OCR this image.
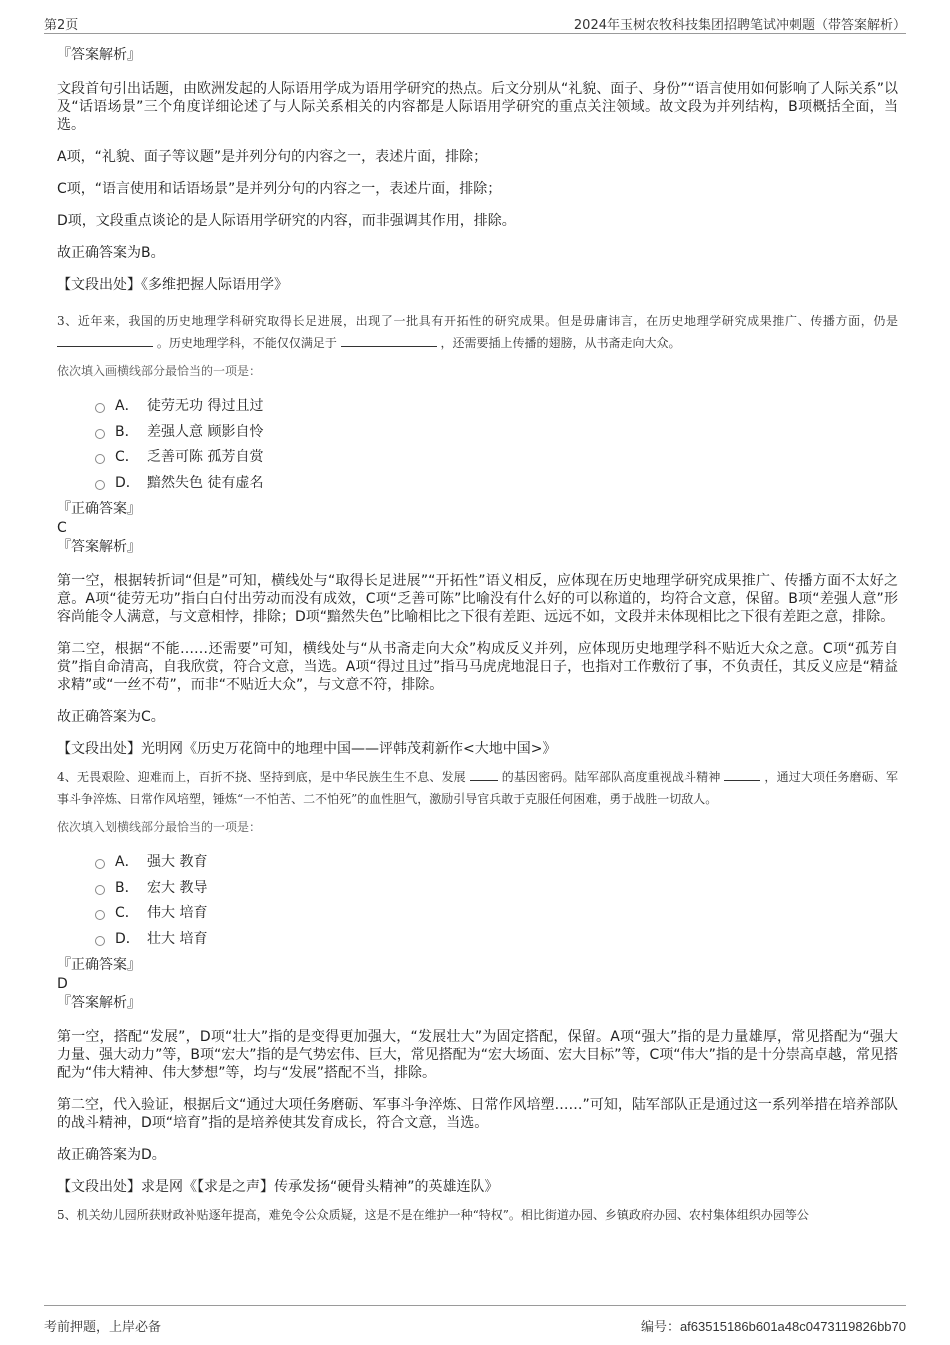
第2页	2024年玉树农牧科技集团招聘笔试冲刺题（带答案解析）
『答案解析』
文段首句引出话题，由欧洲发起的人际语用学成为语用学研究的热点。后文分别从“礼貌、面子、身份”“语言使用如何影响了人际关系”以及“话语场景”三个角度详细论述了与人际关系相关的内容都是人际语用学研究的重点关注领域。故文段为并列结构，B项概括全面，当选。
A项，“礼貌、面子等议题”是并列分句的内容之一，表述片面，排除；
C项，“语言使用和话语场景”是并列分句的内容之一，表述片面，排除；
D项，文段重点谈论的是人际语用学研究的内容，而非强调其作用，排除。
故正确答案为B。
【文段出处】《多维把握人际语用学》
3、近年来，我国的历史地理学科研究取得长足进展，出现了一批具有开拓性的研究成果。但是毋庸讳言，在历史地理学研究成果推广、传播方面，仍是  。历史地理学科，不能仅仅满足于	，还需要插上传播的翅膀，从书斋走向大众。
依次填入画横线部分最恰当的一项是：
A． 徒劳无功 得过且过
B． 差强人意 顾影自怜
C． 乏善可陈 孤芳自赏
D． 黯然失色 徒有虚名
『正确答案』
C
『答案解析』
第一空，根据转折词“但是”可知，横线处与“取得长足进展”“开拓性”语义相反，应体现在历史地理学研究成果推广、传播方面不太好之意。A项“徒劳无功”指白白付出劳动而没有成效，C项“乏善可陈”比喻没有什么好的可以称道的，均符合文意，保留。B项“差强人意”形容尚能令人满意，与文意相悖，排除；D项“黯然失色”比喻相比之下很有差距、远远不如，文段并未体现相比之下很有差距之意，排除。
第二空，根据“不能……还需要”可知，横线处与“从书斋走向大众”构成反义并列，应体现历史地理学科不贴近大众之意。C项“孤芳自赏”指自命清高，自我欣赏，符合文意，当选。A项“得过且过”指马马虎虎地混日子，也指对工作敷衍了事，不负责任，其反义应是“精益求精”或“一丝不苟”，而非“不贴近大众”，与文意不符，排除。
故正确答案为C。
【文段出处】光明网《历史万花筒中的地理中国——评韩茂莉新作<大地中国>》
4、无畏艰险、迎难而上，百折不挠、坚持到底，是中华民族生生不息、发展	的基因密码。陆军部队高度重视战斗精神	，通过大项任务磨砺、军事斗争淬炼、日常作风培塑，锤炼“一不怕苦、二不怕死”的血性胆气，激励引导官兵敢于克服任何困难，勇于战胜一切敌人。
依次填入划横线部分最恰当的一项是：
A． 强大 教育
B． 宏大 教导
C． 伟大 培育
D． 壮大 培育
『正确答案』
D
『答案解析』
第一空，搭配“发展”，D项“壮大”指的是变得更加强大，“发展壮大”为固定搭配，保留。A项“强大”指的是力量雄厚，常见搭配为“强大力量、强大动力”等，B项“宏大”指的是气势宏伟、巨大，常见搭配为“宏大场面、宏大目标”等，C项“伟大”指的是十分崇高卓越，常见搭配为“伟大精神、伟大梦想”等，均与“发展”搭配不当，排除。
第二空，代入验证，根据后文“通过大项任务磨砺、军事斗争淬炼、日常作风培塑……”可知，陆军部队正是通过这一系列举措在培养部队的战斗精神，D项“培育”指的是培养使其发育成长，符合文意，当选。
故正确答案为D。
【文段出处】求是网《【求是之声】传承发扬“硬骨头精神”的英雄连队》
5、机关幼儿园所获财政补贴逐年提高，难免令公众质疑，这是不是在维护一种“特权”。相比街道办园、乡镇政府办园、农村集体组织办园等公
考前押题，上岸必备	编号：af63515186b601a48c0473119826bb70
